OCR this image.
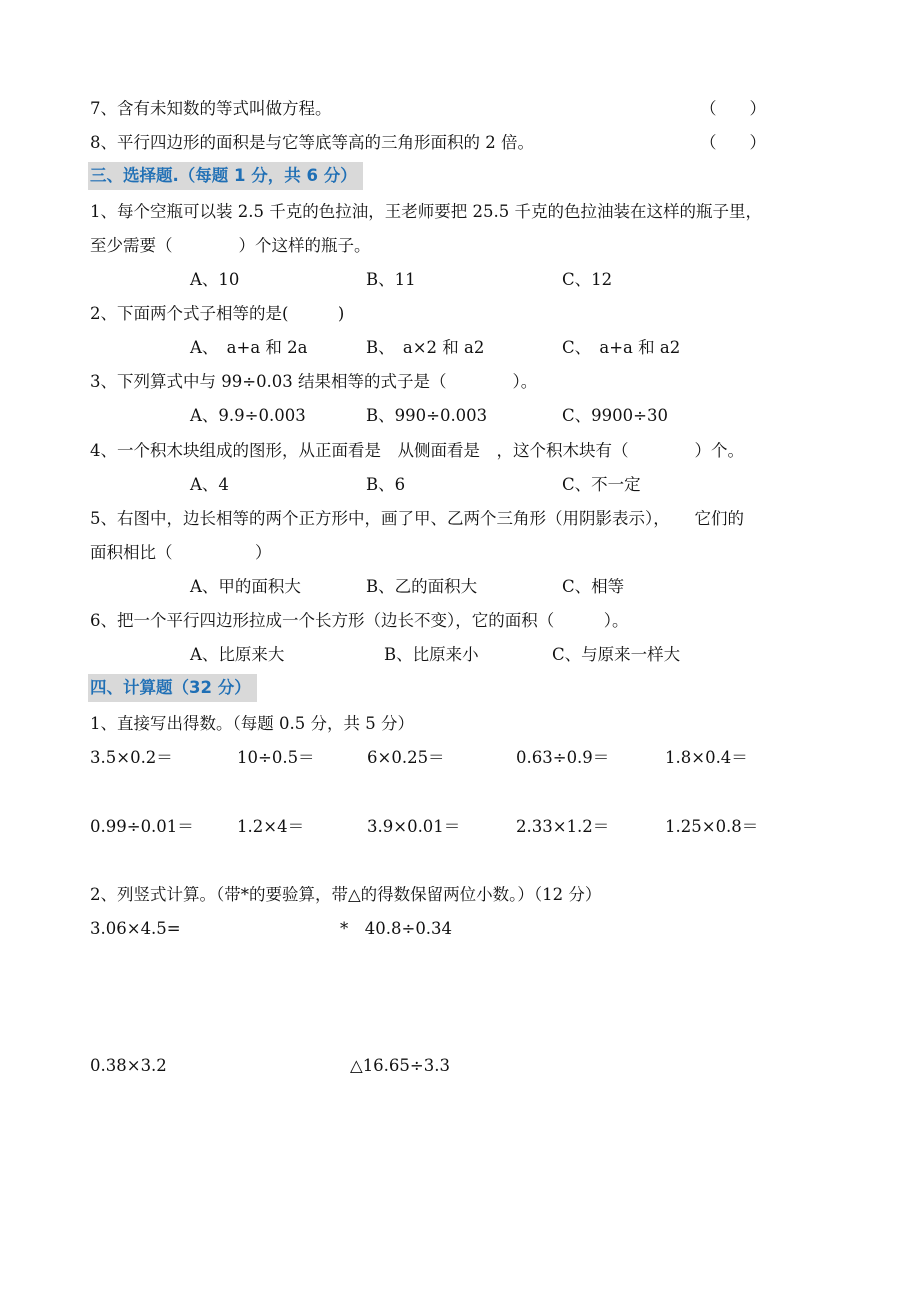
7、含有未知数的等式叫做方程。	（　　）
8、平行四边形的面积是与它等底等高的三角形面积的 2 倍。	（　　）
三、选择题.（每题 1 分，共 6 分）
1、每个空瓶可以装 2.5 千克的色拉油，王老师要把 25.5 千克的色拉油装在这样的瓶子里，
至少需要（　　　　）个这样的瓶子。
A、10	B、11	C、12
2、下面两个式子相等的是(　　　)
A、　a+a 和 2a	B、　a×2 和 a2	C、　a+a 和 a2
3、下列算式中与 99÷0.03 结果相等的式子是（　　　　）。
A、9.9÷0.003	B、990÷0.003	C、9900÷30
4、一个积木块组成的图形，从正面看是　从侧面看是　，这个积木块有（　　　　）个。
A、4	B、6	C、不一定
5、右图中，边长相等的两个正方形中，画了甲、乙两个三角形（用阴影表示），　　它们的
面积相比（　　　　　）
A、甲的面积大	B、乙的面积大	C、相等
6、把一个平行四边形拉成一个长方形（边长不变），它的面积（　　　）。
A、比原来大	B、比原来小	C、与原来一样大
四、计算题（32 分）
1、直接写出得数。（每题 0.5 分，共 5 分）
3.5×0.2＝	10÷0.5＝	6×0.25＝	0.63÷0.9＝	1.8×0.4＝
0.99÷0.01＝	1.2×4＝	3.9×0.01＝	2.33×1.2＝	1.25×0.8＝
2、列竖式计算。（带*的要验算，带△的得数保留两位小数。）（12 分）
3.06×4.5=	*　40.8÷0.34
0.38×3.2	△16.65÷3.3
